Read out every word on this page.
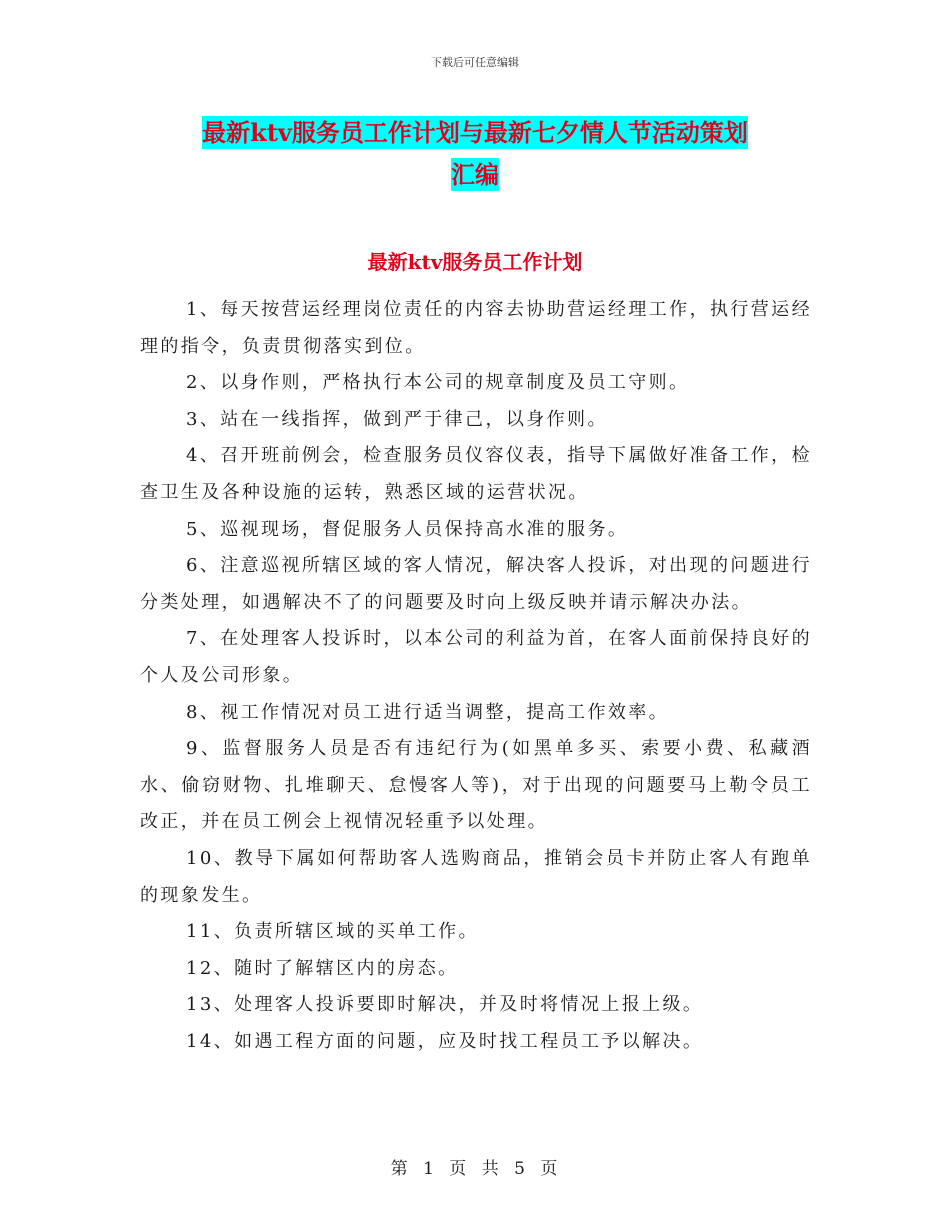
下载后可任意编辑
最新ktv服务员工作计划与最新七夕情人节活动策划
汇编
最新ktv服务员工作计划

1、每天按营运经理岗位责任的内容去协助营运经理工作，执行营运经理的指令，负责贯彻落实到位。

2、以身作则，严格执行本公司的规章制度及员工守则。

3、站在一线指挥，做到严于律己，以身作则。

4、召开班前例会，检查服务员仪容仪表，指导下属做好准备工作，检查卫生及各种设施的运转，熟悉区域的运营状况。

5、巡视现场，督促服务人员保持高水准的服务。

6、注意巡视所辖区域的客人情况，解决客人投诉，对出现的问题进行分类处理，如遇解决不了的问题要及时向上级反映并请示解决办法。

7、在处理客人投诉时，以本公司的利益为首，在客人面前保持良好的个人及公司形象。

8、视工作情况对员工进行适当调整，提高工作效率。

9、监督服务人员是否有违纪行为(如黑单多买、索要小费、私藏酒水、偷窃财物、扎堆聊天、怠慢客人等)，对于出现的问题要马上勒令员工改正，并在员工例会上视情况轻重予以处理。

10、教导下属如何帮助客人选购商品，推销会员卡并防止客人有跑单的现象发生。

11、负责所辖区域的买单工作。

12、随时了解辖区内的房态。

13、处理客人投诉要即时解决，并及时将情况上报上级。

14、如遇工程方面的问题，应及时找工程员工予以解决。

第 1 页 共 5 页
